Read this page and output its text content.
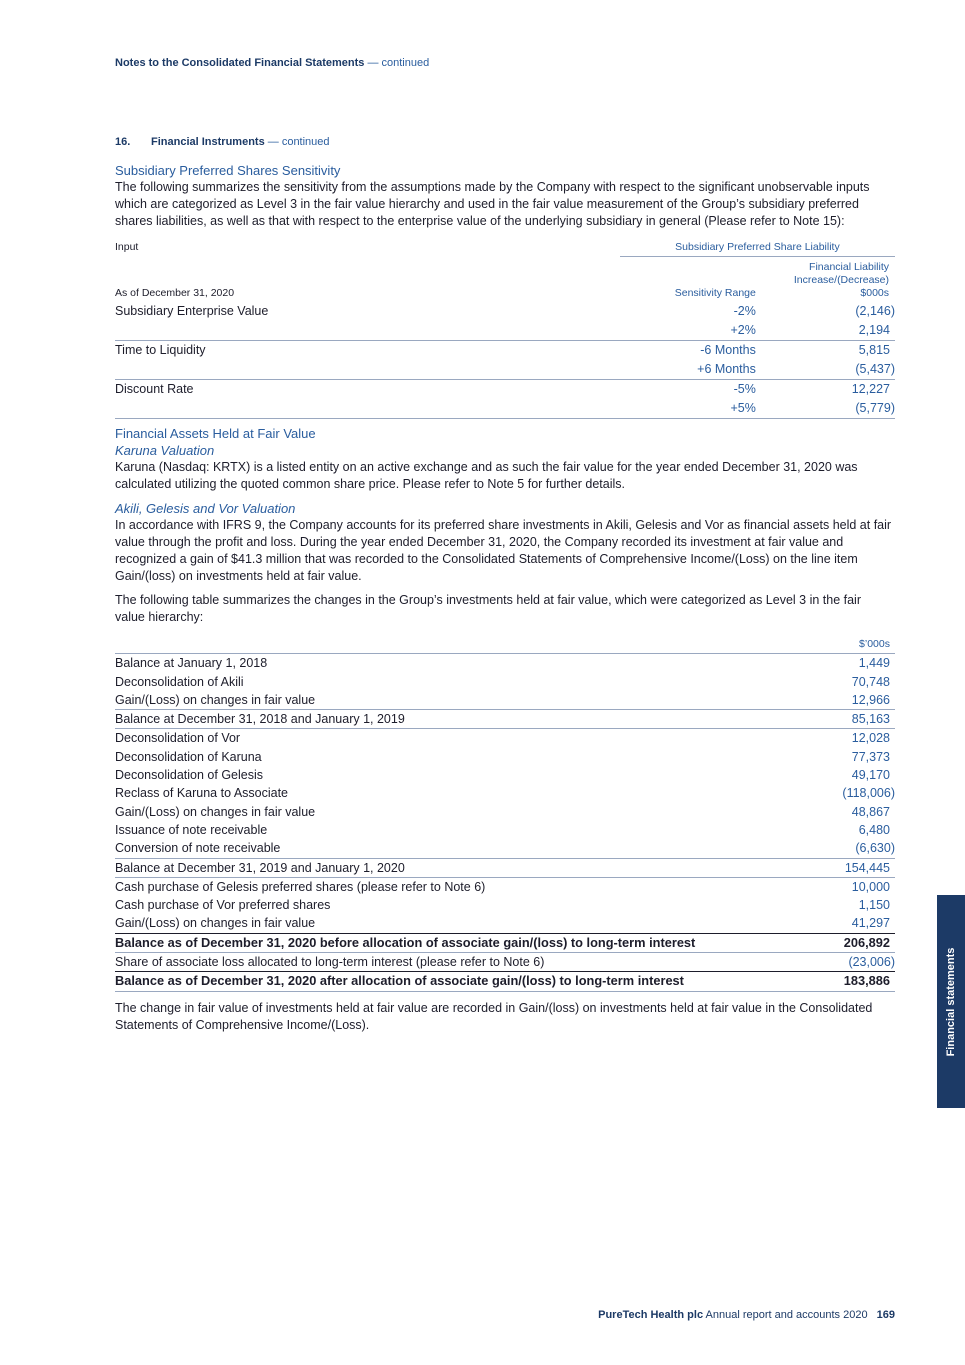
Notes to the Consolidated Financial Statements — continued
16. Financial Instruments — continued

Subsidiary Preferred Shares Sensitivity

The following summarizes the sensitivity from the assumptions made by the Company with respect to the significant unobservable inputs which are categorized as Level 3 in the fair value hierarchy and used in the fair value measurement of the Group’s subsidiary preferred shares liabilities, as well as that with respect to the enterprise value of the underlying subsidiary in general (Please refer to Note 15):

Input	Subsidiary Preferred Share Liability	
As of December 31, 2020	Sensitivity Range	Financial Liability Increase/(Decrease) $000s
Subsidiary Enterprise Value	-2%	(2,146)
	+2%	2,194
Time to Liquidity	-6 Months	5,815
	+6 Months	(5,437)
Discount Rate	-5%	12,227
	+5%	(5,779)

Financial Assets Held at Fair Value

Karuna Valuation

Karuna (Nasdaq: KRTX) is a listed entity on an active exchange and as such the fair value for the year ended December 31, 2020 was calculated utilizing the quoted common share price. Please refer to Note 5 for further details.

Akili, Gelesis and Vor Valuation

In accordance with IFRS 9, the Company accounts for its preferred share investments in Akili, Gelesis and Vor as financial assets held at fair value through the profit and loss. During the year ended December 31, 2020, the Company recorded its investment at fair value and recognized a gain of $41.3 million that was recorded to the Consolidated Statements of Comprehensive Income/(Loss) on the line item Gain/(loss) on investments held at fair value.

The following table summarizes the changes in the Group’s investments held at fair value, which were categorized as Level 3 in the fair value hierarchy:

	$’000s
Balance at January 1, 2018	1,449
Deconsolidation of Akili	70,748
Gain/(Loss) on changes in fair value	12,966
Balance at December 31, 2018 and January 1, 2019	85,163
Deconsolidation of Vor	12,028
Deconsolidation of Karuna	77,373
Deconsolidation of Gelesis	49,170
Reclass of Karuna to Associate	(118,006)
Gain/(Loss) on changes in fair value	48,867
Issuance of note receivable	6,480
Conversion of note receivable	(6,630)
Balance at December 31, 2019 and January 1, 2020	154,445
Cash purchase of Gelesis preferred shares (please refer to Note 6)	10,000
Cash purchase of Vor preferred shares	1,150
Gain/(Loss) on changes in fair value	41,297
Balance as of December 31, 2020 before allocation of associate gain/(loss) to long-term interest	206,892
Share of associate loss allocated to long-term interest (please refer to Note 6)	(23,006)
Balance as of December 31, 2020 after allocation of associate gain/(loss) to long-term interest	183,886

The change in fair value of investments held at fair value are recorded in Gain/(loss) on investments held at fair value in the Consolidated Statements of Comprehensive Income/(Loss).	Financial statements
PureTech Health plc Annual report and accounts 2020 169
